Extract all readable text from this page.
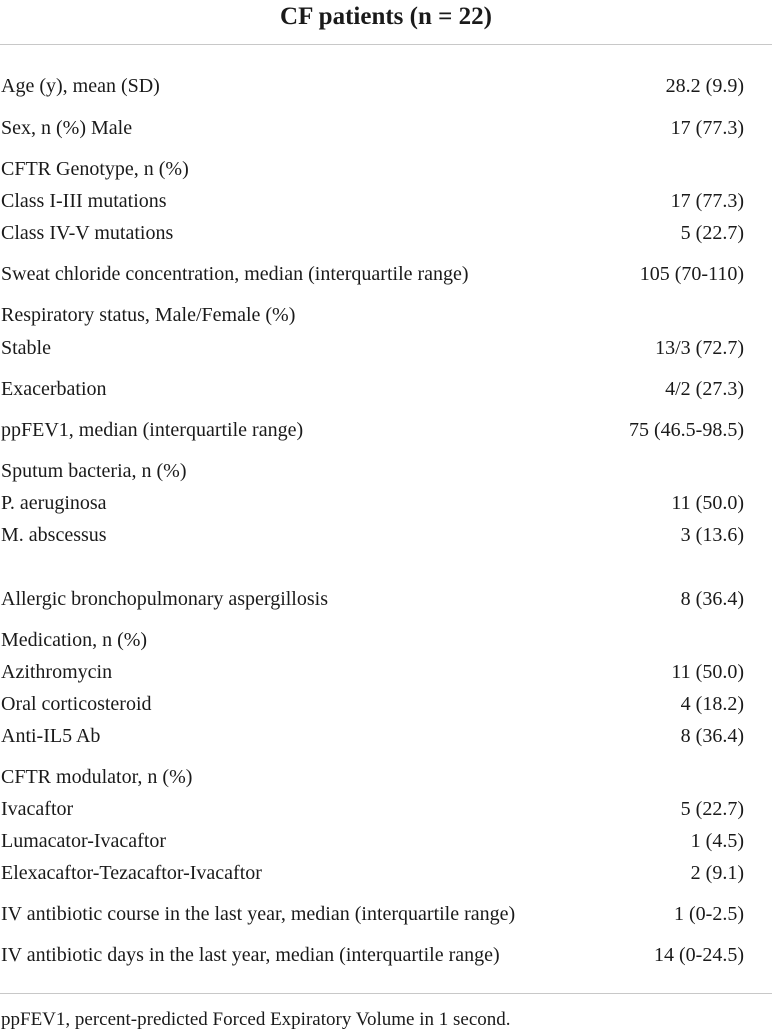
CF patients (n = 22)
Age (y), mean (SD)	28.2 (9.9)
Sex, n (%) Male	17 (77.3)
CFTR Genotype, n (%)
Class I-III mutations	17 (77.3)
Class IV-V mutations	5 (22.7)
Sweat chloride concentration, median (interquartile range)	105 (70-110)
Respiratory status, Male/Female (%)
Stable	13/3 (72.7)
Exacerbation	4/2 (27.3)
ppFEV1, median (interquartile range)	75 (46.5-98.5)
Sputum bacteria, n (%)
P. aeruginosa	11 (50.0)
M. abscessus	3 (13.6)
Allergic bronchopulmonary aspergillosis	8 (36.4)
Medication, n (%)
Azithromycin	11 (50.0)
Oral corticosteroid	4 (18.2)
Anti-IL5 Ab	8 (36.4)
CFTR modulator, n (%)
Ivacaftor	5 (22.7)
Lumacator-Ivacaftor	1 (4.5)
Elexacaftor-Tezacaftor-Ivacaftor	2 (9.1)
IV antibiotic course in the last year, median (interquartile range)	1 (0-2.5)
IV antibiotic days in the last year, median (interquartile range)	14 (0-24.5)
ppFEV1, percent-predicted Forced Expiratory Volume in 1 second.
